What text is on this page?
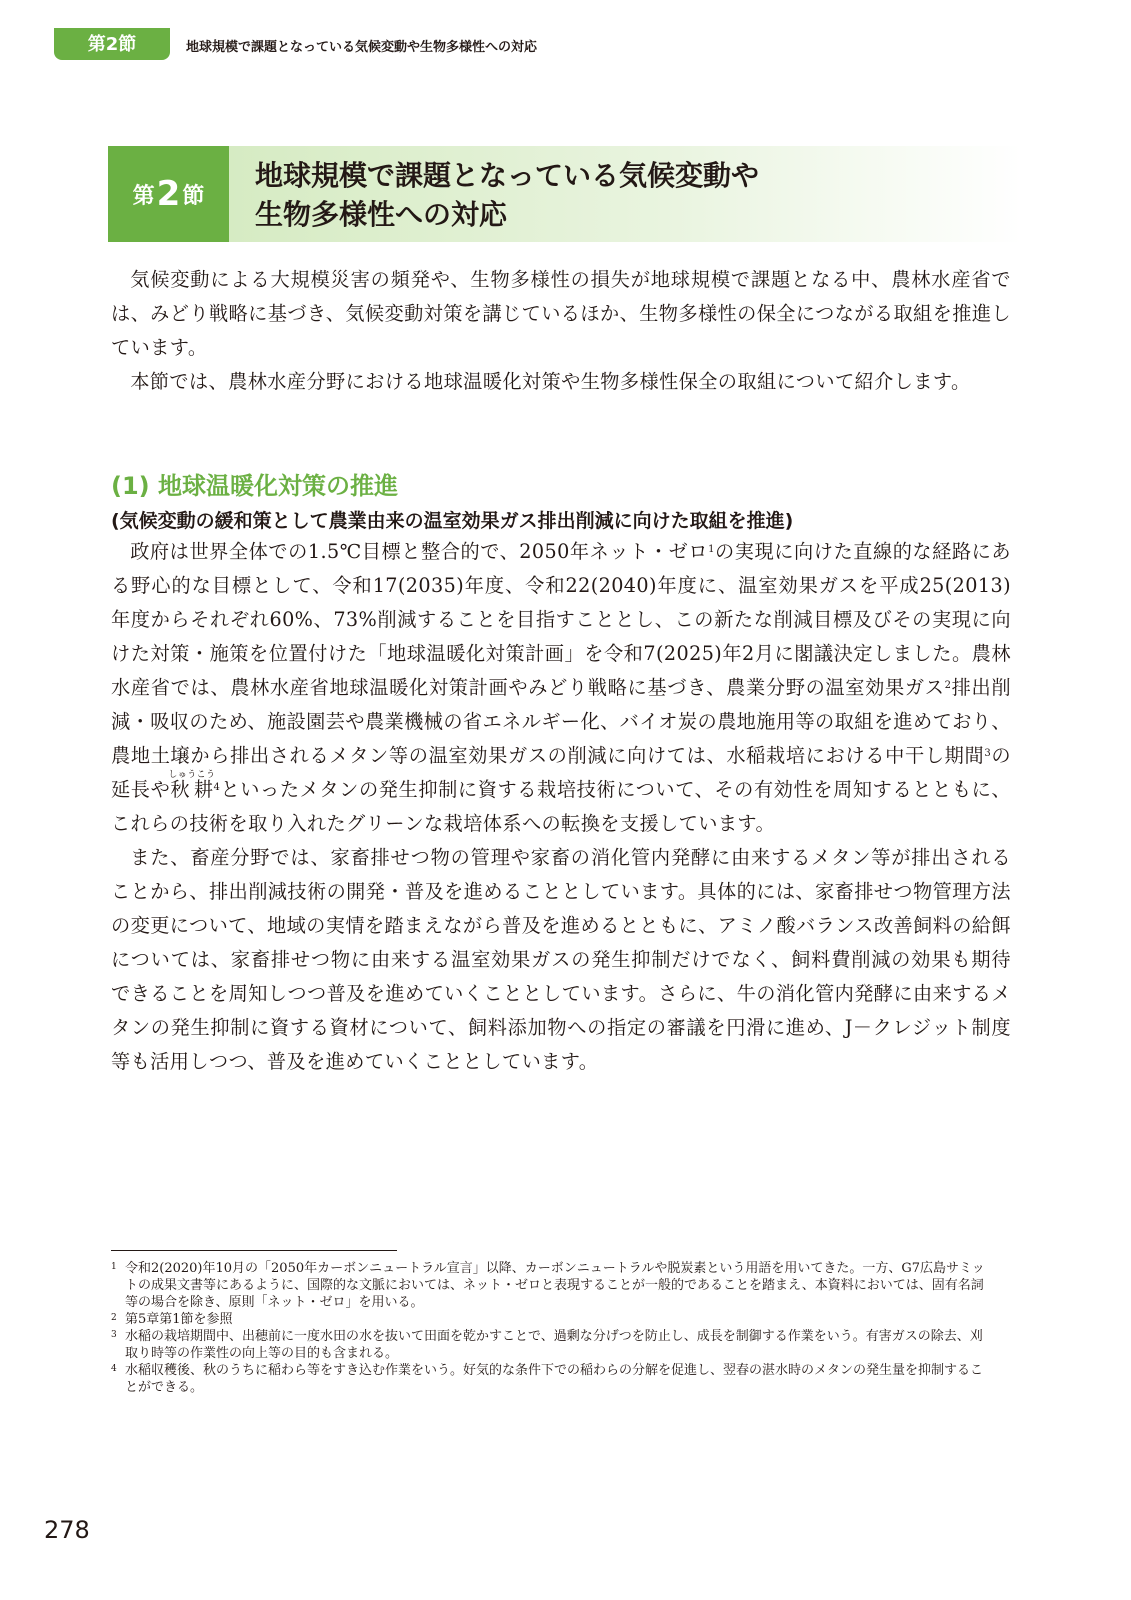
第2節	地球規模で課題となっている気候変動や生物多様性への対応
第 2 節
地球規模で課題となっている気候変動や
生物多様性への対応

気候変動による大規模災害の頻発や、生物多様性の損失が地球規模で課題となる中、農林水産省では、みどり戦略に基づき、気候変動対策を講じているほか、生物多様性の保全につながる取組を推進しています。

本節では、農林水産分野における地球温暖化対策や生物多様性保全の取組について紹介します。

(1) 地球温暖化対策の推進
(気候変動の緩和策として農業由来の温室効果ガス排出削減に向けた取組を推進)

政府は世界全体での1.5℃目標と整合的で、2050年ネット・ゼロ$^1$の実現に向けた直線的な経路にある野心的な目標として、令和17(2035)年度、令和22(2040)年度に、温室効果ガスを平成25(2013)年度からそれぞれ60%、73%削減することを目指すこととし、この新たな削減目標及びその実現に向けた対策・施策を位置付けた「地球温暖化対策計画」を令和7(2025)年2月に閣議決定しました。農林水産省では、農林水産省地球温暖化対策計画やみどり戦略に基づき、農業分野の温室効果ガス$^2$排出削減・吸収のため、施設園芸や農業機械の省エネルギー化、バイオ炭の農地施用等の取組を進めており、農地土壌から排出されるメタン等の温室効果ガスの削減に向けては、水稲栽培における中干し期間$^3$の延長や秋耕しゅうこう$^4$といったメタンの発生抑制に資する栽培技術について、その有効性を周知するとともに、これらの技術を取り入れたグリーンな栽培体系への転換を支援しています。

また、畜産分野では、家畜排せつ物の管理や家畜の消化管内発酵に由来するメタン等が排出されることから、排出削減技術の開発・普及を進めることとしています。具体的には、家畜排せつ物管理方法の変更について、地域の実情を踏まえながら普及を進めるとともに、アミノ酸バランス改善飼料の給餌については、家畜排せつ物に由来する温室効果ガスの発生抑制だけでなく、飼料費削減の効果も期待できることを周知しつつ普及を進めていくこととしています。さらに、牛の消化管内発酵に由来するメタンの発生抑制に資する資材について、飼料添加物への指定の審議を円滑に進め、J－クレジット制度等も活用しつつ、普及を進めていくこととしています。

1 令和2(2020)年10月の「2050年カーボンニュートラル宣言」以降、カーボンニュートラルや脱炭素という用語を用いてきた。一方、G7広島サミットの成果文書等にあるように、国際的な文脈においては、ネット・ゼロと表現することが一般的であることを踏まえ、本資料においては、固有名詞等の場合を除き、原則「ネット・ゼロ」を用いる。

2 第5章第1節を参照

3 水稲の栽培期間中、出穂前に一度水田の水を抜いて田面を乾かすことで、過剰な分げつを防止し、成長を制御する作業をいう。有害ガスの除去、刈取り時等の作業性の向上等の目的も含まれる。

4 水稲収穫後、秋のうちに稲わら等をすき込む作業をいう。好気的な条件下での稲わらの分解を促進し、翌春の湛水時のメタンの発生量を抑制することができる。

278
